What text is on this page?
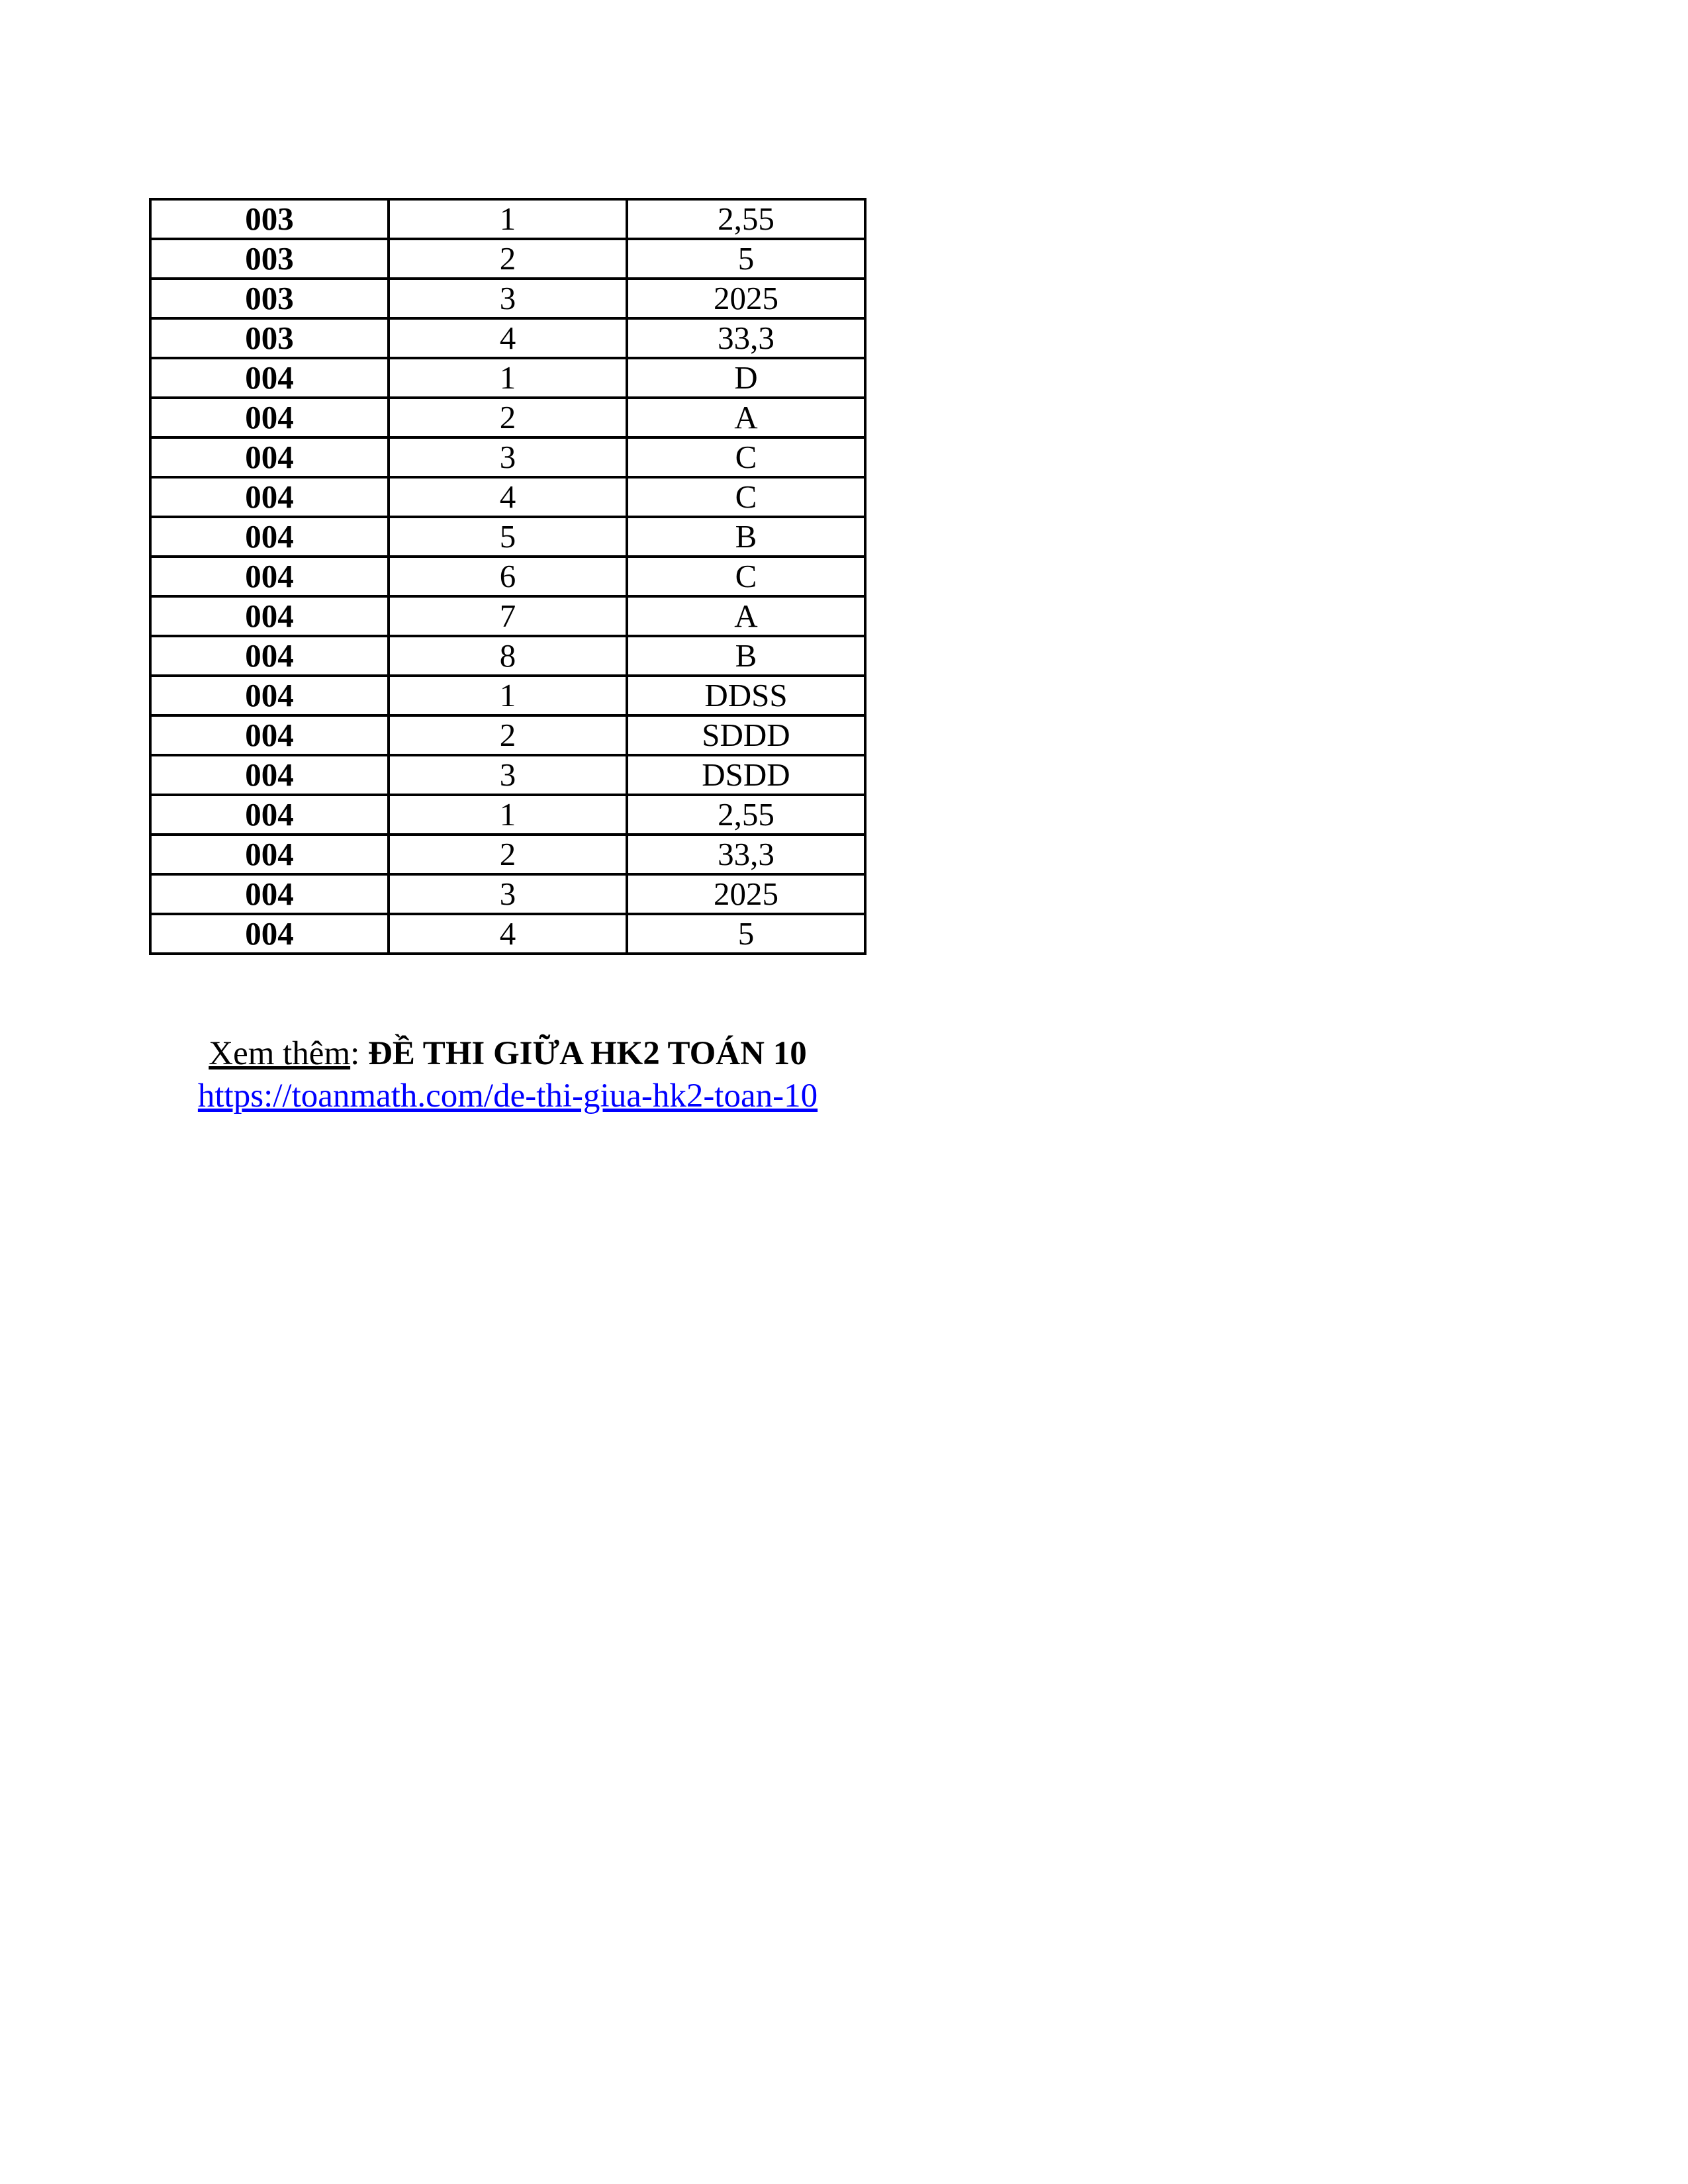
003	1	2,55
003	2	5
003	3	2025
003	4	33,3
004	1	D
004	2	A
004	3	C
004	4	C
004	5	B
004	6	C
004	7	A
004	8	B
004	1	DDSS
004	2	SDDD
004	3	DSDD
004	1	2,55
004	2	33,3
004	3	2025
004	4	5
Xem thêm: ĐỀ THI GIỮA HK2 TOÁN 10
https://toanmath.com/de-thi-giua-hk2-toan-10
